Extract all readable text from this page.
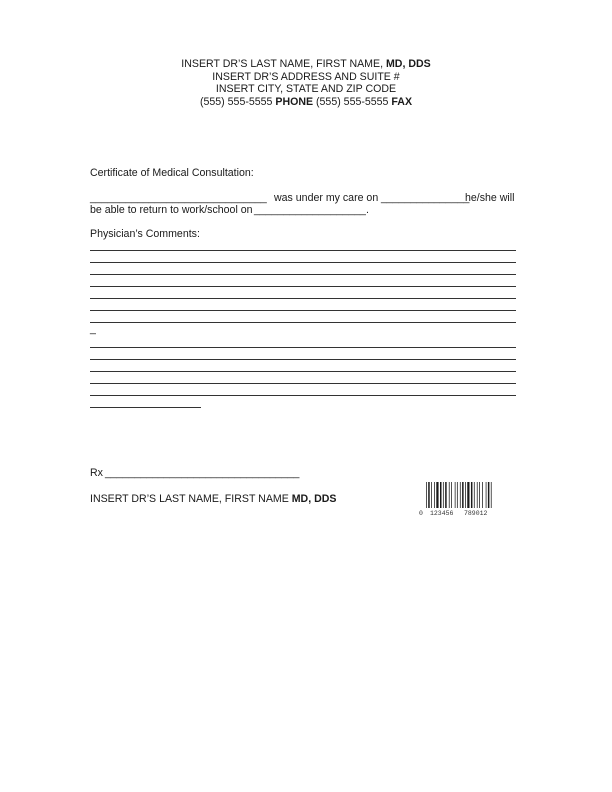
INSERT DR’S LAST NAME, FIRST NAME, MD, DDS
INSERT DR’S ADDRESS AND SUITE #
INSERT CITY, STATE AND ZIP CODE
(555) 555-5555 PHONE (555) 555-5555 FAX
Certificate of Medical Consultation:
______________________________ was under my care on _______________
he/she will
be able to return to work/school on ___________________.
Physician’s Comments:
_
Rx _________________________________
INSERT DR’S LAST NAME, FIRST NAME MD, DDS
0 123456 789012
